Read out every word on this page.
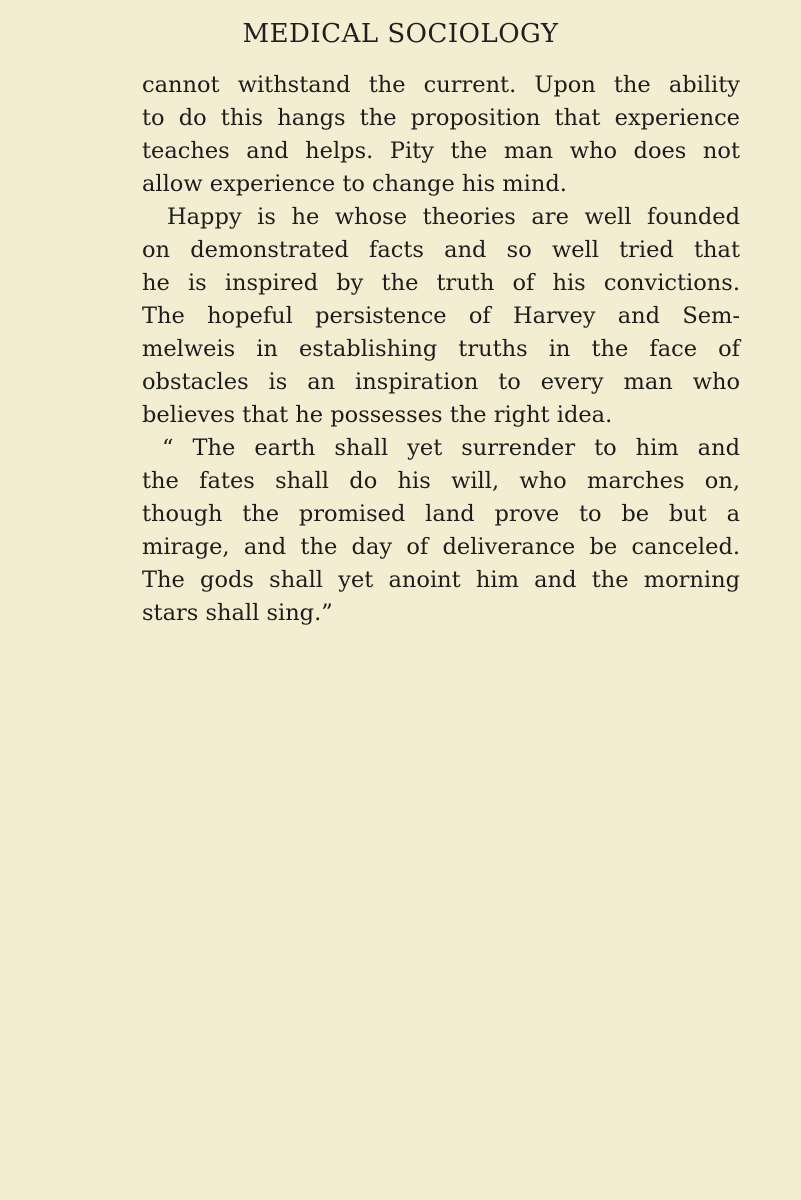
MEDICAL SOCIOLOGY
cannot withstand the current. Upon the ability
to do this hangs the proposition that experience
teaches and helps. Pity the man who does not
allow experience to change his mind.
Happy is he whose theories are well founded
on demonstrated facts and so well tried that
he is inspired by the truth of his convictions.
The hopeful persistence of Harvey and Sem-
melweis in establishing truths in the face of
obstacles is an inspiration to every man who
believes that he possesses the right idea.
“ The earth shall yet surrender to him and
the fates shall do his will, who marches on,
though the promised land prove to be but a
mirage, and the day of deliverance be canceled.
The gods shall yet anoint him and the morning
stars shall sing.”
